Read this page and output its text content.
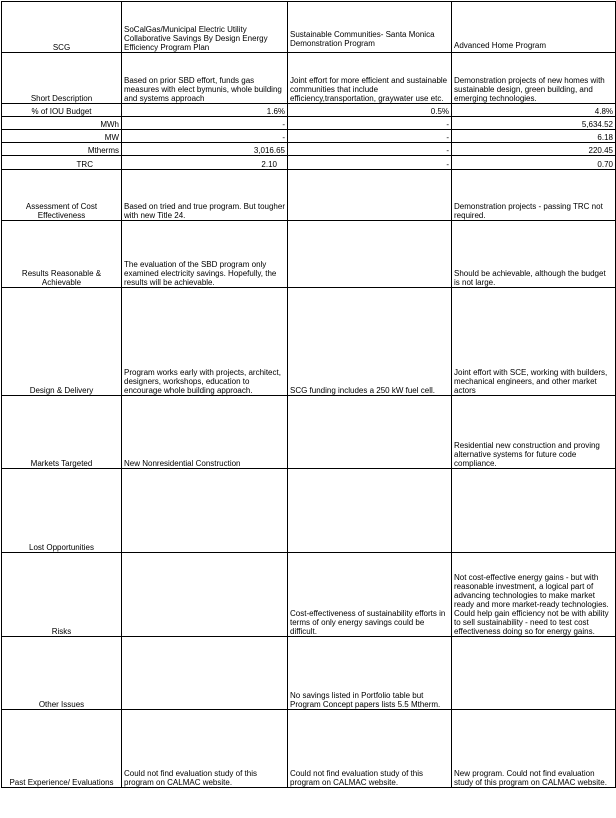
SCG	SoCalGas/Municipal Electric Utility Collaborative Savings By Design Energy Efficiency Program Plan	Sustainable Communities- Santa Monica Demonstration Program	Advanced Home Program
Short Description	Based on prior SBD effort, funds gas measures with elect bymunis, whole building and systems approach	Joint effort for more efficient and sustainable communities that include efficiency,transportation, graywater use etc.	Demonstration projects of new homes with sustainable design, green building, and emerging technologies.
% of IOU Budget	1.6%	0.5%	4.8%
MWh	-	-	5,634.52
MW	-	-	6.18
Mtherms	3,016.65	-	220.45
TRC	2.10	-	0.70
Assessment of Cost Effectiveness	Based on tried and true program. But tougher with new Title 24.		Demonstration projects - passing TRC not required.
Results Reasonable & Achievable	The evaluation of the SBD program only examined electricity savings. Hopefully, the results will be achievable.		Should be achievable, although the budget is not large.
Design & Delivery	Program works early with projects, architect, designers, workshops, education to encourage whole building approach.	SCG funding includes a 250 kW fuel cell.	Joint effort with SCE, working with builders, mechanical engineers, and other market actors
Markets Targeted	New Nonresidential Construction		Residential new construction and proving alternative systems for future code compliance.
Lost Opportunities			
Risks		Cost-effectiveness of sustainability efforts in terms of only energy savings could be difficult.	Not cost-effective energy gains - but with reasonable investment, a logical part of advancing technologies to make market ready and more market-ready technologies. Could help gain efficiency not be with ability to sell sustainability - need to test cost effectiveness doing so for energy gains.
Other Issues		No savings listed in Portfolio table but Program Concept papers lists 5.5 Mtherm.	
Past Experience/ Evaluations	Could not find evaluation study of this program on CALMAC website.	Could not find evaluation study of this program on CALMAC website.	New program. Could not find evaluation study of this program on CALMAC website.
